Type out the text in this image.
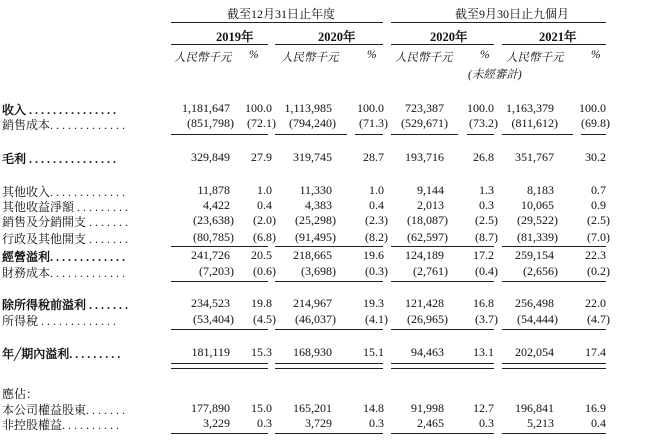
截至12月31日止年度	截至9月30日止九個月
2019年	2020年	2020年	2021年
人民幣千元 % 人民幣千元 % 人民幣千元 % 人民幣千元 %
(未經審計)
收入 . . . . . . . . . . . . . . .	1,181,647 100.0 1,113,985 100.0 723,387 100.0 1,163,379 100.0
銷售成本. . . . . . . . . . . . .	(851,798) (72.1) (794,240) (71.3) (529,671) (73.2) (811,612) (69.8)
毛利 . . . . . . . . . . . . . . .	329,849 27.9 319,745	28.7 193,716 26.8 351,767	30.2
其他收入. . . . . . . . . . . . .	11,878 1.0 11,330	1.0	9,144	1.3	8,183	0.7
其他收益淨額 . . . . . . . . .	4,422 0.4	4,383	0.4	2,013	0.3 10,065	0.9
銷售及分銷開支 . . . . . . .	(23,638) (2.0) (25,298) (2.3) (18,087) (2.5) (29,522) (2.5)
行政及其他開支 . . . . . . .	(80,785) (6.8) (91,495) (8.2) (62,597) (8.7) (81,339) (7.0)
經營溢利. . . . . . . . . . . . .	241,726 20.5 218,665	19.6 124,189 17.2 259,154	22.3
財務成本. . . . . . . . . . . . .	(7,203) (0.6) (3,698) (0.3) (2,761) (0.4) (2,656) (0.2)
除所得稅前溢利 . . . . . . .	234,523 19.8 214,967	19.3 121,428 16.8 256,498	22.0
所得稅 . . . . . . . . . . . . .	(53,404) (4.5) (46,037) (4.1) (26,965) (3.7) (54,444) (4.7)
年╱期內溢利. . . . . . . . .	181,119 15.3 168,930	15.1 94,463 13.1 202,054	17.4
應佔：
本公司權益股東. . . . . . .	177,890 15.0 165,201	14.8 91,998 12.7 196,841	16.9
非控股權益. . . . . . . . . .	3,229 0.3	3,729	0.3	2,465	0.3	5,213	0.4
